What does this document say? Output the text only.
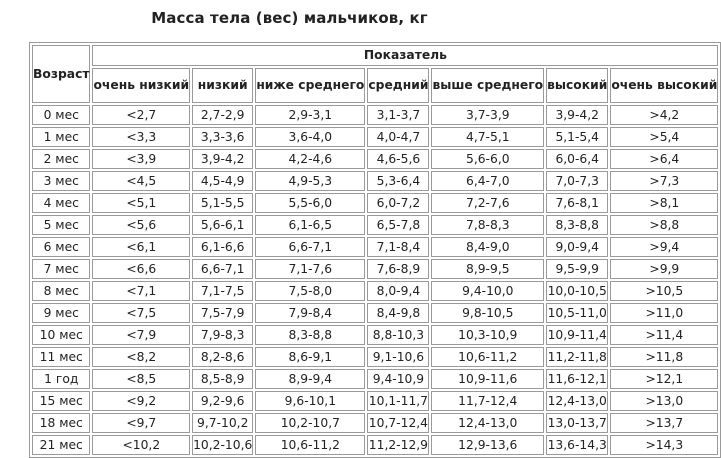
Масса тела (вес) мальчиков, кг
Возраст	Показатель						
	очень низкий	низкий	ниже среднего	средний	выше среднего	высокий	очень высокий
0 мес	<2,7	2,7-2,9	2,9-3,1	3,1-3,7	3,7-3,9	3,9-4,2	>4,2
1 мес	<3,3	3,3-3,6	3,6-4,0	4,0-4,7	4,7-5,1	5,1-5,4	>5,4
2 мес	<3,9	3,9-4,2	4,2-4,6	4,6-5,6	5,6-6,0	6,0-6,4	>6,4
3 мес	<4,5	4,5-4,9	4,9-5,3	5,3-6,4	6,4-7,0	7,0-7,3	>7,3
4 мес	<5,1	5,1-5,5	5,5-6,0	6,0-7,2	7,2-7,6	7,6-8,1	>8,1
5 мес	<5,6	5,6-6,1	6,1-6,5	6,5-7,8	7,8-8,3	8,3-8,8	>8,8
6 мес	<6,1	6,1-6,6	6,6-7,1	7,1-8,4	8,4-9,0	9,0-9,4	>9,4
7 мес	<6,6	6,6-7,1	7,1-7,6	7,6-8,9	8,9-9,5	9,5-9,9	>9,9
8 мес	<7,1	7,1-7,5	7,5-8,0	8,0-9,4	9,4-10,0	10,0-10,5	>10,5
9 мес	<7,5	7,5-7,9	7,9-8,4	8,4-9,8	9,8-10,5	10,5-11,0	>11,0
10 мес	<7,9	7,9-8,3	8,3-8,8	8,8-10,3	10,3-10,9	10,9-11,4	>11,4
11 мес	<8,2	8,2-8,6	8,6-9,1	9,1-10,6	10,6-11,2	11,2-11,8	>11,8
1 год	<8,5	8,5-8,9	8,9-9,4	9,4-10,9	10,9-11,6	11,6-12,1	>12,1
15 мес	<9,2	9,2-9,6	9,6-10,1	10,1-11,7	11,7-12,4	12,4-13,0	>13,0
18 мес	<9,7	9,7-10,2	10,2-10,7	10,7-12,4	12,4-13,0	13,0-13,7	>13,7
21 мес	<10,2	10,2-10,6	10,6-11,2	11,2-12,9	12,9-13,6	13,6-14,3	>14,3
